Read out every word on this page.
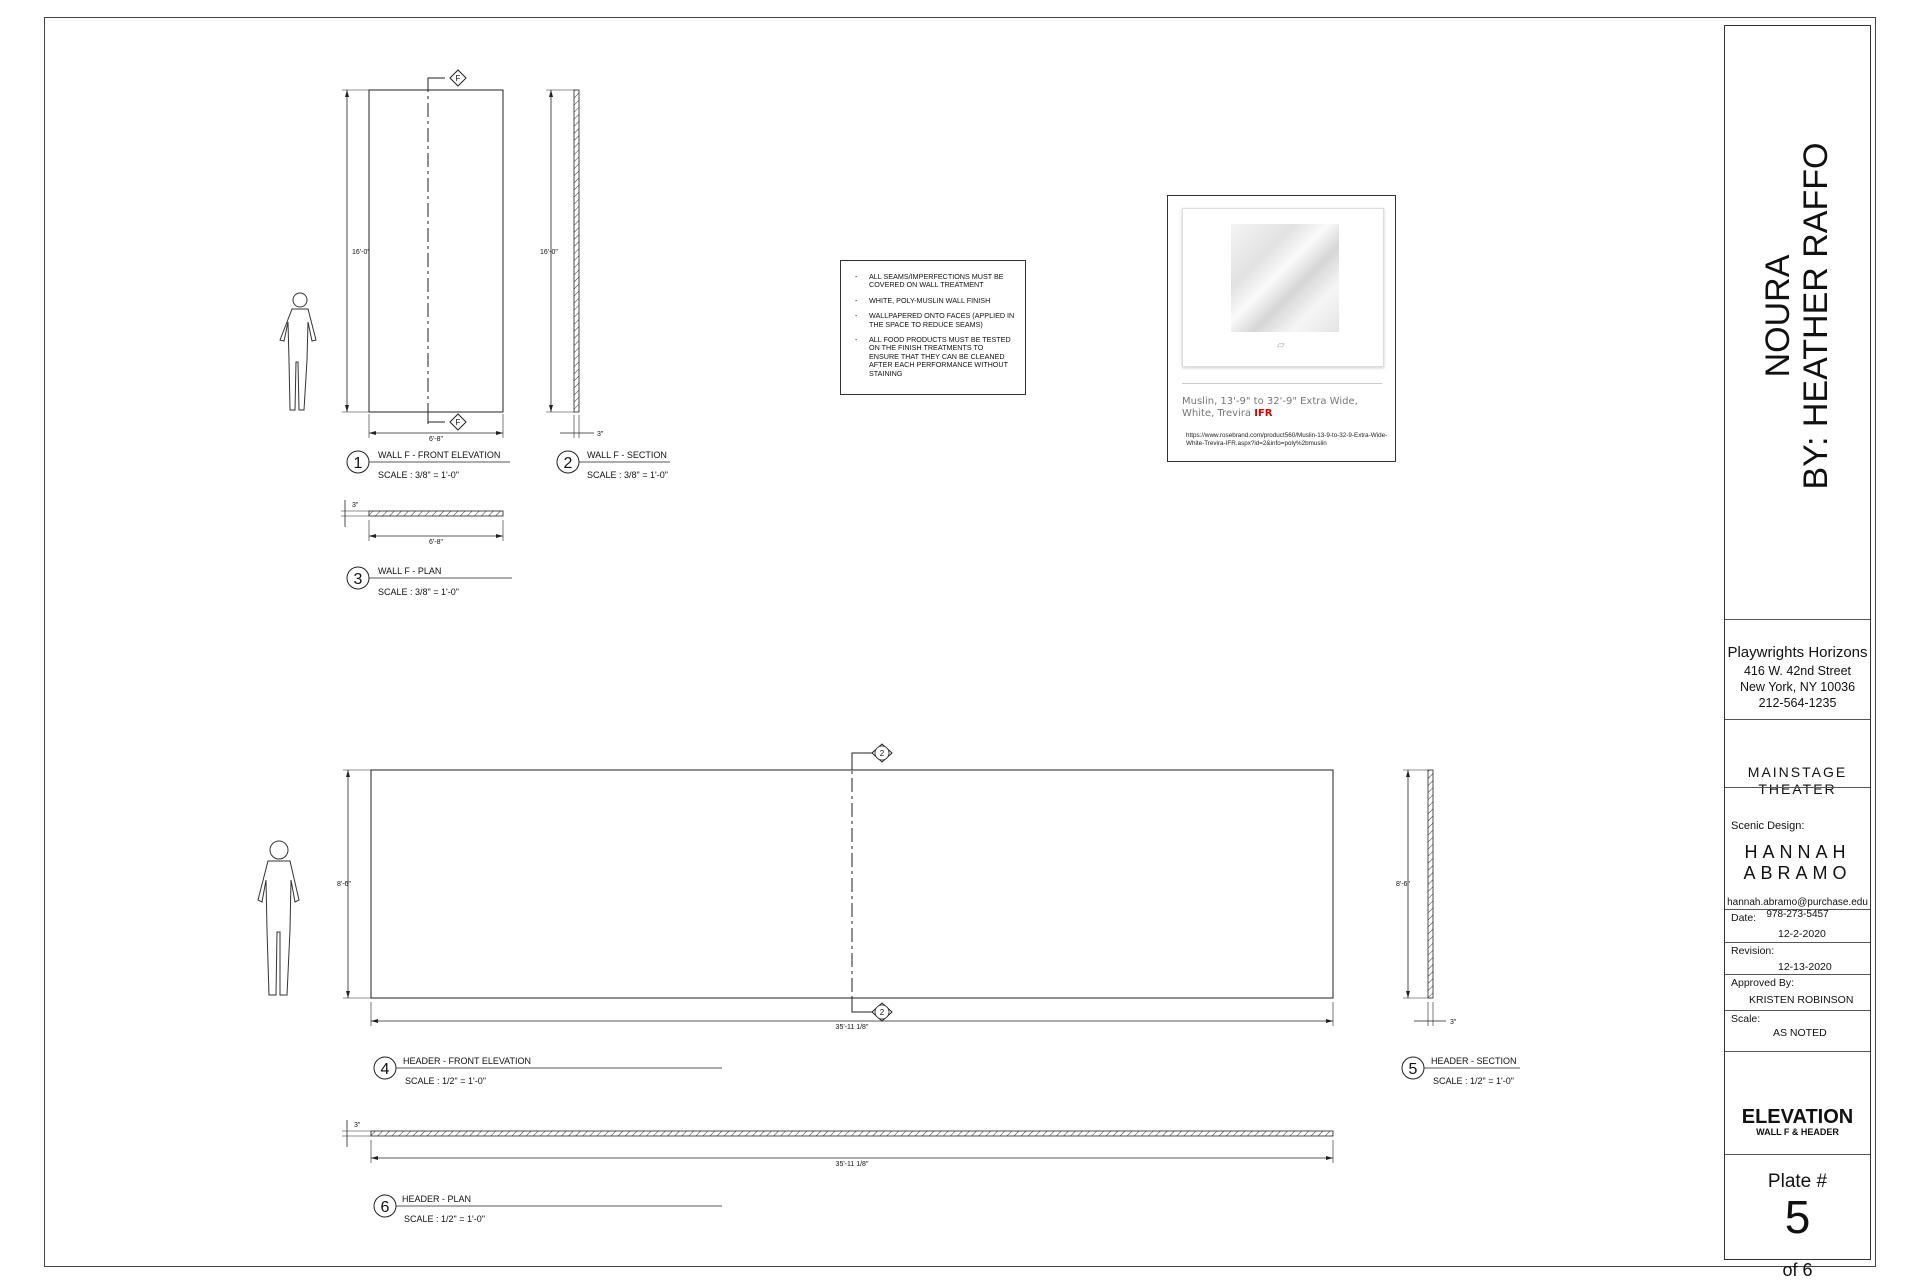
F
F
16'-0"
6'-8"
16'-0"
3"
3"
6'-8"
2
2
8'-6"
35'-11 1/8"
8'-6"
3"
3"
35'-11 1/8"
1 WALL F - FRONT ELEVATION
SCALE : 3/8" = 1'-0"
2 WALL F - SECTION
SCALE : 3/8" = 1'-0"
3 WALL F - PLAN
SCALE : 3/8" = 1'-0"
4 HEADER - FRONT ELEVATION
SCALE : 1/2" = 1'-0"
5 HEADER - SECTION
SCALE : 1/2" = 1'-0"
6 HEADER - PLAN
SCALE : 1/2" = 1'-0"
- ALL SEAMS/IMPERFECTIONS MUST BE COVERED ON WALL TREATMENT
- WHITE, POLY-MUSLIN WALL FINISH
- WALLPAPERED ONTO FACES (APPLIED IN THE SPACE TO REDUCE SEAMS)
- ALL FOOD PRODUCTS MUST BE TESTED ON THE FINISH TREATMENTS TO ENSURE THAT THEY CAN BE CLEANED AFTER EACH PERFORMANCE WITHOUT STAINING
▱
Muslin, 13'-9" to 32'-9" Extra Wide, White, Trevira IFR
https://www.rosebrand.com/product560/Muslin-13-9-to-32-9-Extra-Wide-White-Trevira-IFR.aspx?id=2&info=poly%2bmuslin
NOURA BY: HEATHER RAFFO
Playwrights Horizons
416 W. 42nd Street
New York, NY 10036
212-564-1235
MAINSTAGE
THEATER
Scenic Design:
HANNAH
ABRAMO
hannah.abramo@purchase.edu
978-273-5457
Date:
12-2-2020
Revision:
12-13-2020
Approved By:
KRISTEN ROBINSON
Scale:
AS NOTED
ELEVATION
WALL F & HEADER
Plate #
5
of 6
